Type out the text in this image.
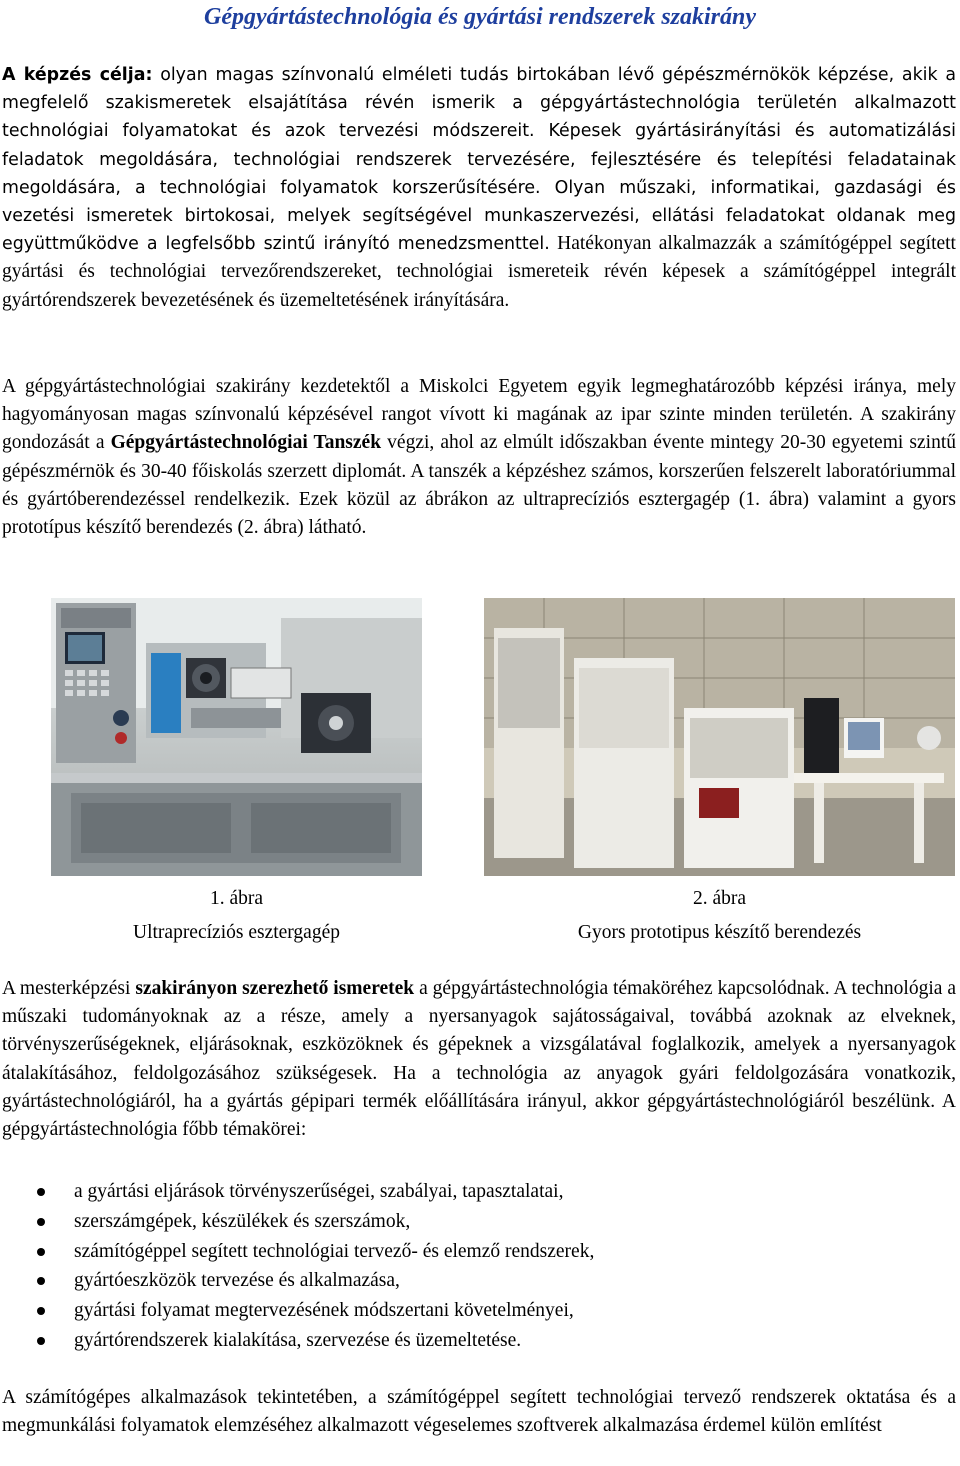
Gépgyártástechnológia és gyártási rendszerek szakirány

A képzés célja: olyan magas színvonalú elméleti tudás birtokában lévő gépészmérnökök képzése, akik a megfelelő szakismeretek elsajátítása révén ismerik a gépgyártástechnológia területén alkalmazott technológiai folyamatokat és azok tervezési módszereit. Képesek gyártásirányítási és automatizálási feladatok megoldására, technológiai rendszerek tervezésére, fejlesztésére és telepítési feladatainak megoldására, a technológiai folyamatok korszerűsítésére. Olyan műszaki, informatikai, gazdasági és vezetési ismeretek birtokosai, melyek segítségével munkaszervezési, ellátási feladatokat oldanak meg együttműködve a legfelsőbb szintű irányító menedzsmenttel. Hatékonyan alkalmazzák a számítógéppel segített gyártási és technológiai tervezőrendszereket, technológiai ismereteik révén képesek a számítógéppel integrált gyártórendszerek bevezetésének és üzemeltetésének irányítására.

A gépgyártástechnológiai szakirány kezdetektől a Miskolci Egyetem egyik legmeghatározóbb képzési iránya, mely hagyományosan magas színvonalú képzésével rangot vívott ki magának az ipar szinte minden területén. A szakirány gondozását a Gépgyártástechnológiai Tanszék végzi, ahol az elmúlt időszakban évente mintegy 20-30 egyetemi szintű gépészmérnök és 30-40 főiskolás szerzett diplomát. A tanszék a képzéshez számos, korszerűen felszerelt laboratóriummal és gyártóberendezéssel rendelkezik. Ezek közül az ábrákon az ultraprecíziós esztergagép (1. ábra) valamint a gyors prototípus készítő berendezés (2. ábra) látható.

1. ábra
Ultraprecíziós esztergagép
2. ábra
Gyors prototipus készítő berendezés

A mesterképzési szakirányon szerezhető ismeretek a gépgyártástechnológia témaköréhez kapcsolódnak. A technológia a műszaki tudományoknak az a része, amely a nyersanyagok sajátosságaival, továbbá azoknak az elveknek, törvényszerűségeknek, eljárásoknak, eszközöknek és gépeknek a vizsgálatával foglalkozik, amelyek a nyersanyagok átalakításához, feldolgozásához szükségesek. Ha a technológia az anyagok gyári feldolgozására vonatkozik, gyártástechnológiáról, ha a gyártás gépipari termék előállítására irányul, akkor gépgyártástechnológiáról beszélünk. A gépgyártástechnológia főbb témakörei:

a gyártási eljárások törvényszerűségei, szabályai, tapasztalatai,
szerszámgépek, készülékek és szerszámok,
számítógéppel segített technológiai tervező- és elemző rendszerek,
gyártóeszközök tervezése és alkalmazása,
gyártási folyamat megtervezésének módszertani követelményei,
gyártórendszerek kialakítása, szervezése és üzemeltetése.

A számítógépes alkalmazások tekintetében, a számítógéppel segített technológiai tervező rendszerek oktatása és a megmunkálási folyamatok elemzéséhez alkalmazott végeselemes szoftverek alkalmazása érdemel külön említést
